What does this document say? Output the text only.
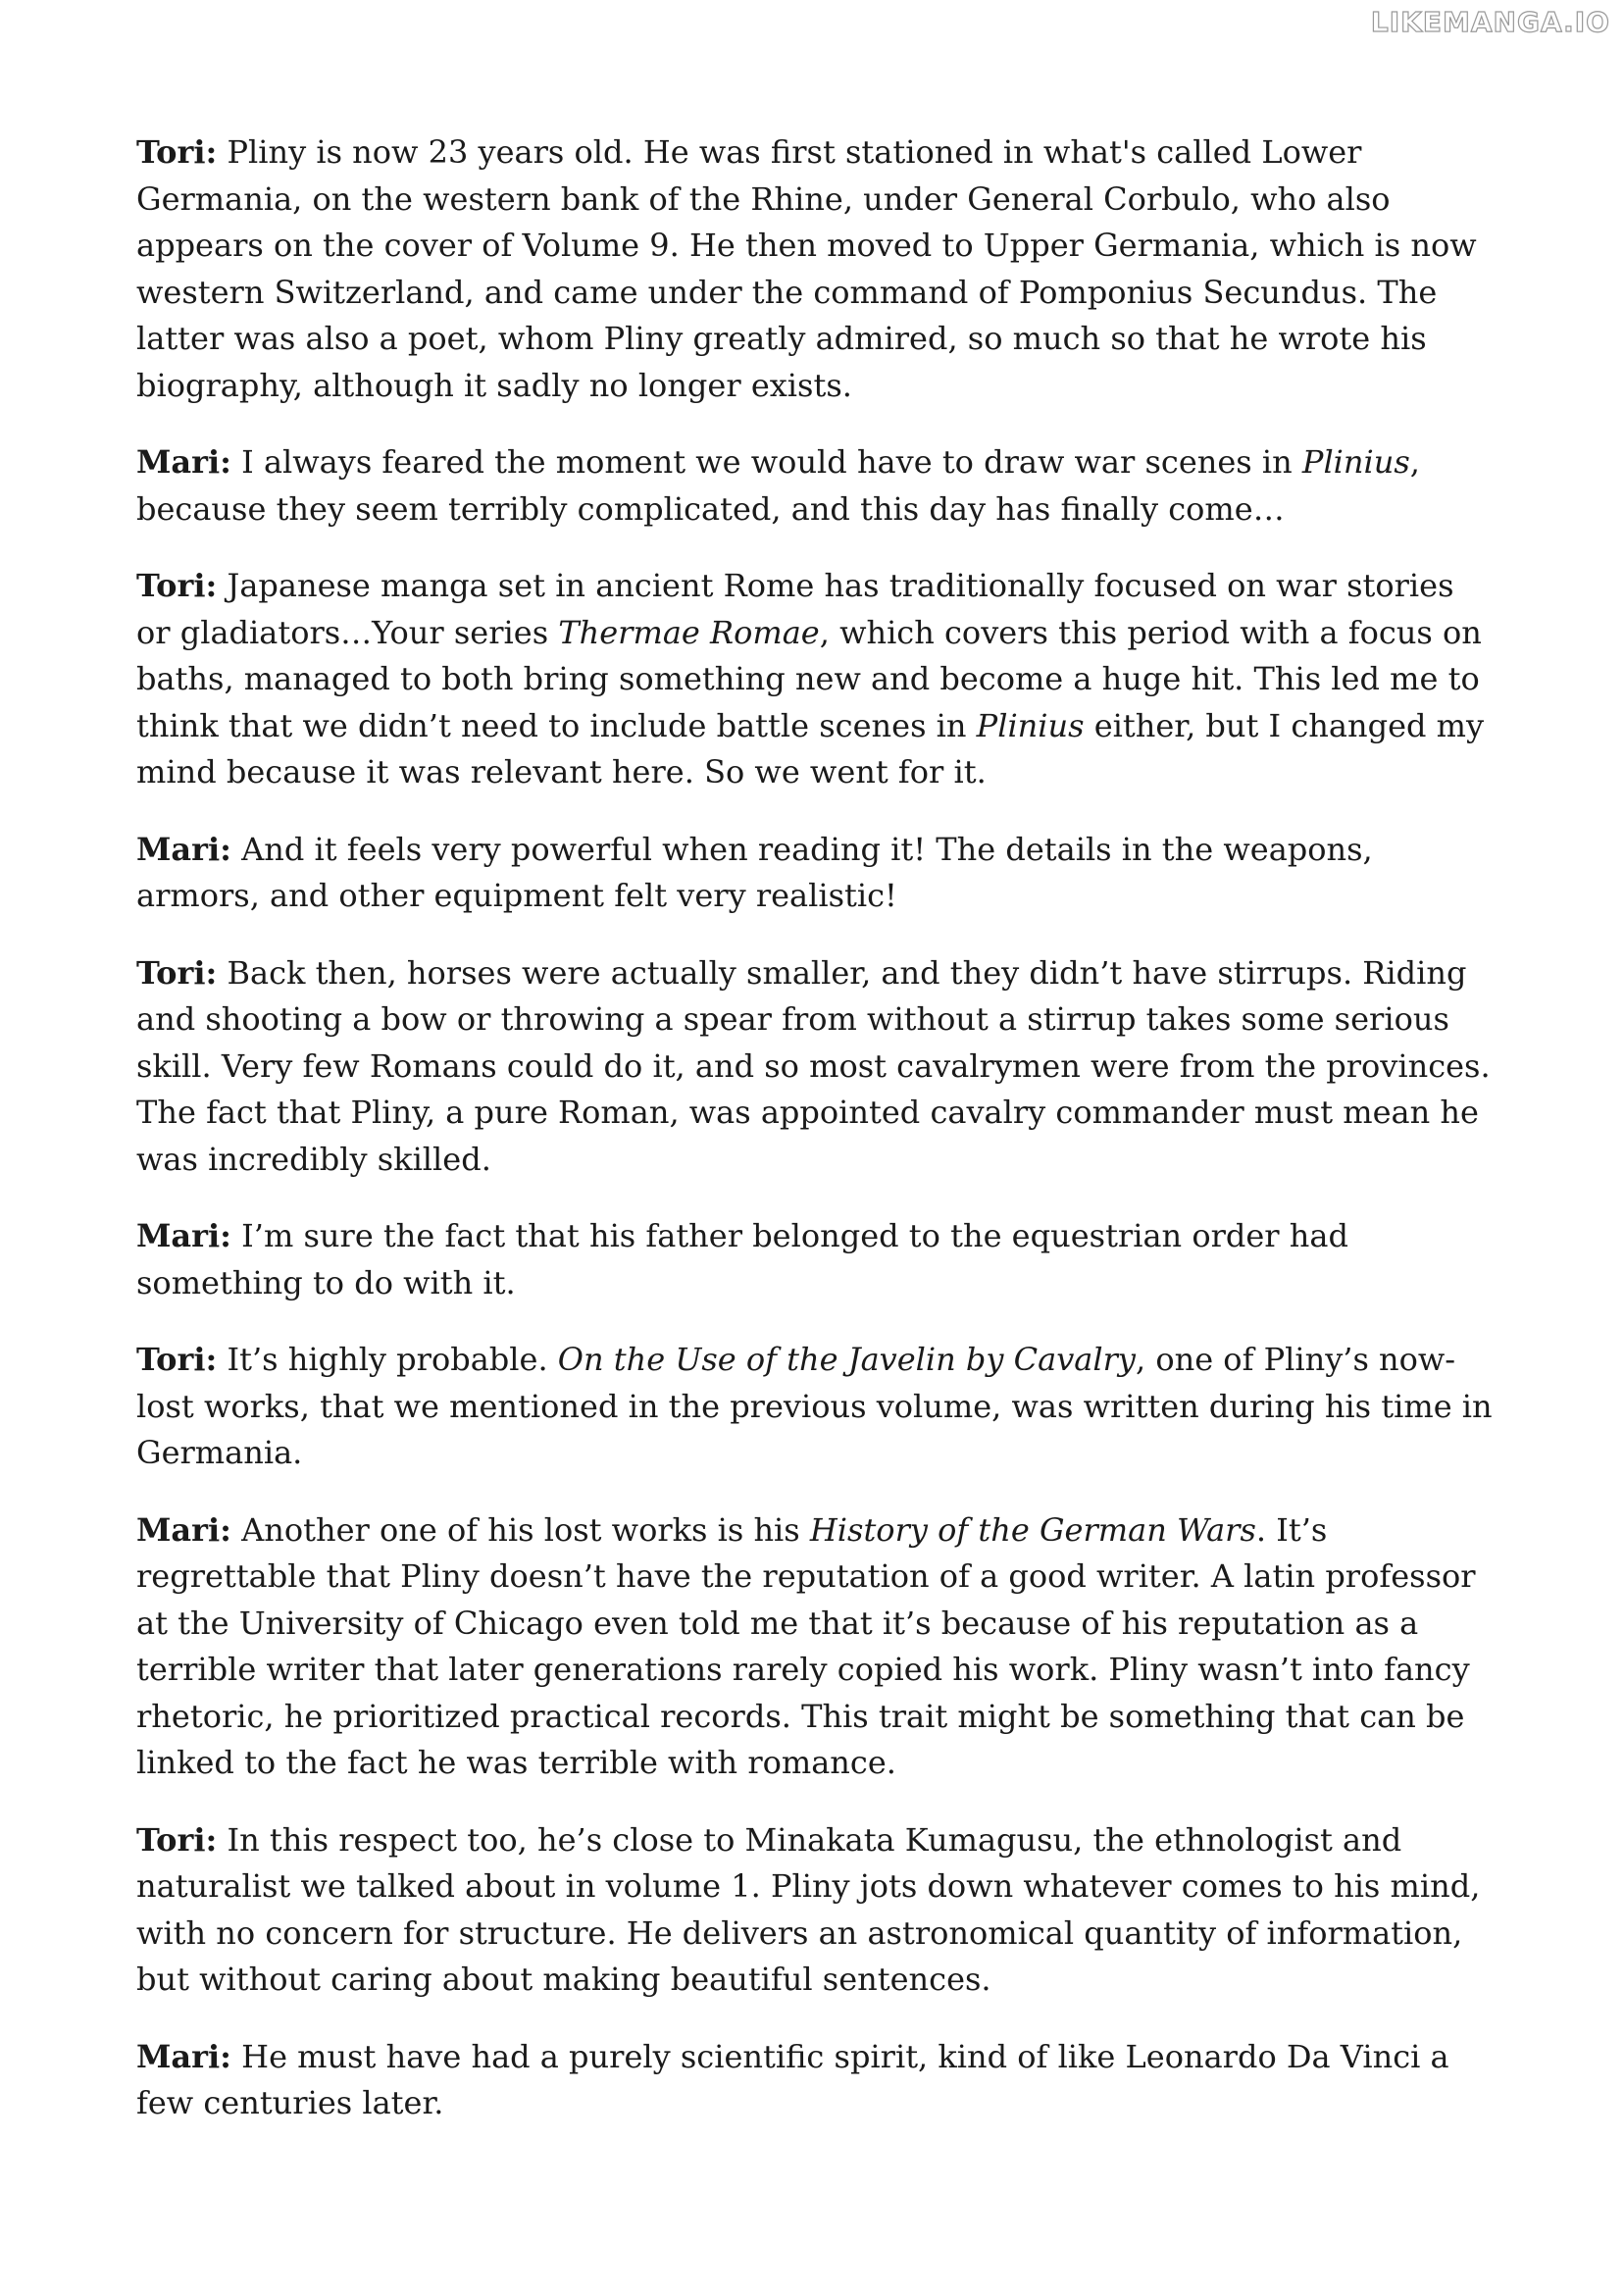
LIKEMANGA.IO

Tori: Pliny is now 23 years old. He was first stationed in what's called Lower Germania, on the western bank of the Rhine, under General Corbulo, who also appears on the cover of Volume 9. He then moved to Upper Germania, which is now western Switzerland, and came under the command of Pomponius Secundus. The latter was also a poet, whom Pliny greatly admired, so much so that he wrote his biography, although it sadly no longer exists.

Mari: I always feared the moment we would have to draw war scenes in Plinius, because they seem terribly complicated, and this day has finally come…

Tori: Japanese manga set in ancient Rome has traditionally focused on war stories or gladiators…Your series Thermae Romae, which covers this period with a focus on baths, managed to both bring something new and become a huge hit. This led me to think that we didn’t need to include battle scenes in Plinius either, but I changed my mind because it was relevant here. So we went for it.

Mari: And it feels very powerful when reading it! The details in the weapons, armors, and other equipment felt very realistic!

Tori: Back then, horses were actually smaller, and they didn’t have stirrups. Riding and shooting a bow or throwing a spear from without a stirrup takes some serious skill. Very few Romans could do it, and so most cavalrymen were from the provinces. The fact that Pliny, a pure Roman, was appointed cavalry commander must mean he was incredibly skilled.

Mari: I’m sure the fact that his father belonged to the equestrian order had something to do with it.

Tori: It’s highly probable. On the Use of the Javelin by Cavalry, one of Pliny’s now-lost works, that we mentioned in the previous volume, was written during his time in Germania.

Mari: Another one of his lost works is his History of the German Wars. It’s regrettable that Pliny doesn’t have the reputation of a good writer. A latin professor at the University of Chicago even told me that it’s because of his reputation as a terrible writer that later generations rarely copied his work. Pliny wasn’t into fancy rhetoric, he prioritized practical records. This trait might be something that can be linked to the fact he was terrible with romance.

Tori: In this respect too, he’s close to Minakata Kumagusu, the ethnologist and naturalist we talked about in volume 1. Pliny jots down whatever comes to his mind, with no concern for structure. He delivers an astronomical quantity of information, but without caring about making beautiful sentences.

Mari: He must have had a purely scientific spirit, kind of like Leonardo Da Vinci a few centuries later.
